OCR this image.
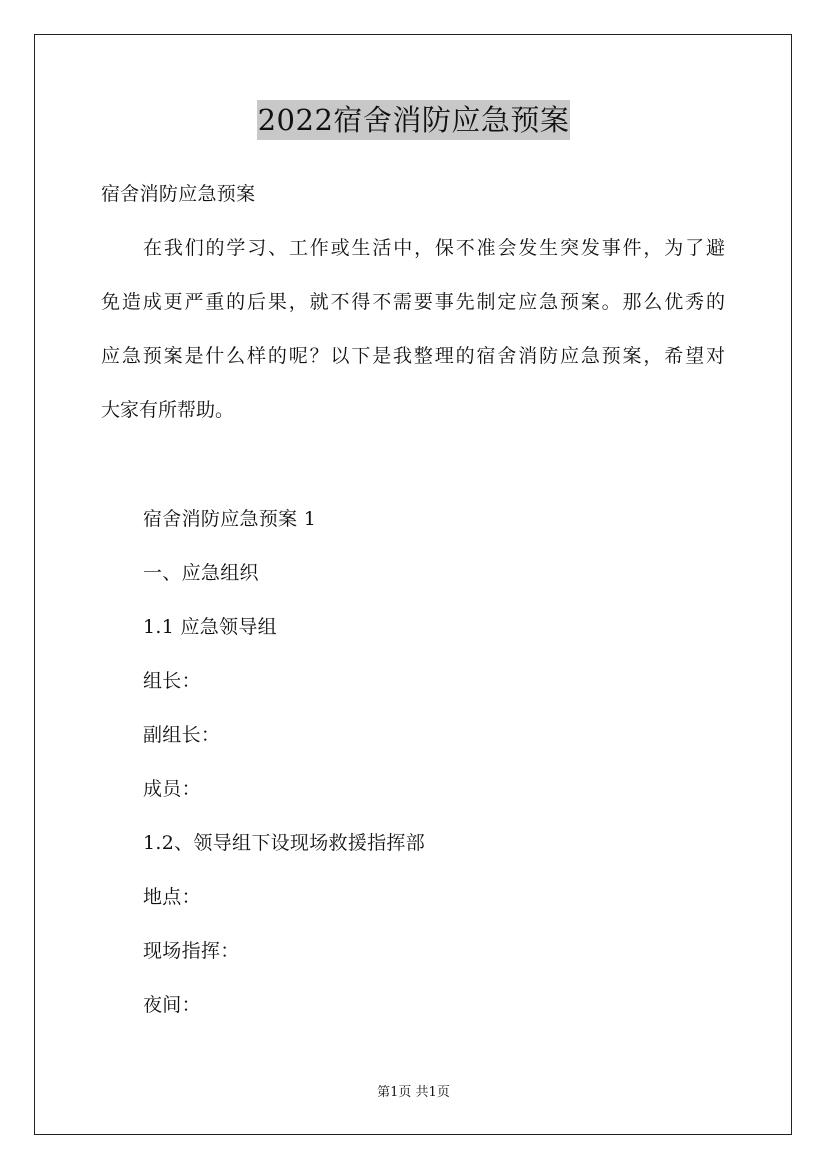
2022宿舍消防应急预案
宿舍消防应急预案
在我们的学习、工作或生活中，保不准会发生突发事件，为了避
免造成更严重的后果，就不得不需要事先制定应急预案。那么优秀的
应急预案是什么样的呢？以下是我整理的宿舍消防应急预案，希望对
大家有所帮助。
宿舍消防应急预案 1
一、应急组织
1.1 应急领导组
组长：
副组长：
成员：
1.2、领导组下设现场救援指挥部
地点：
现场指挥：
夜间：
第1页 共1页
